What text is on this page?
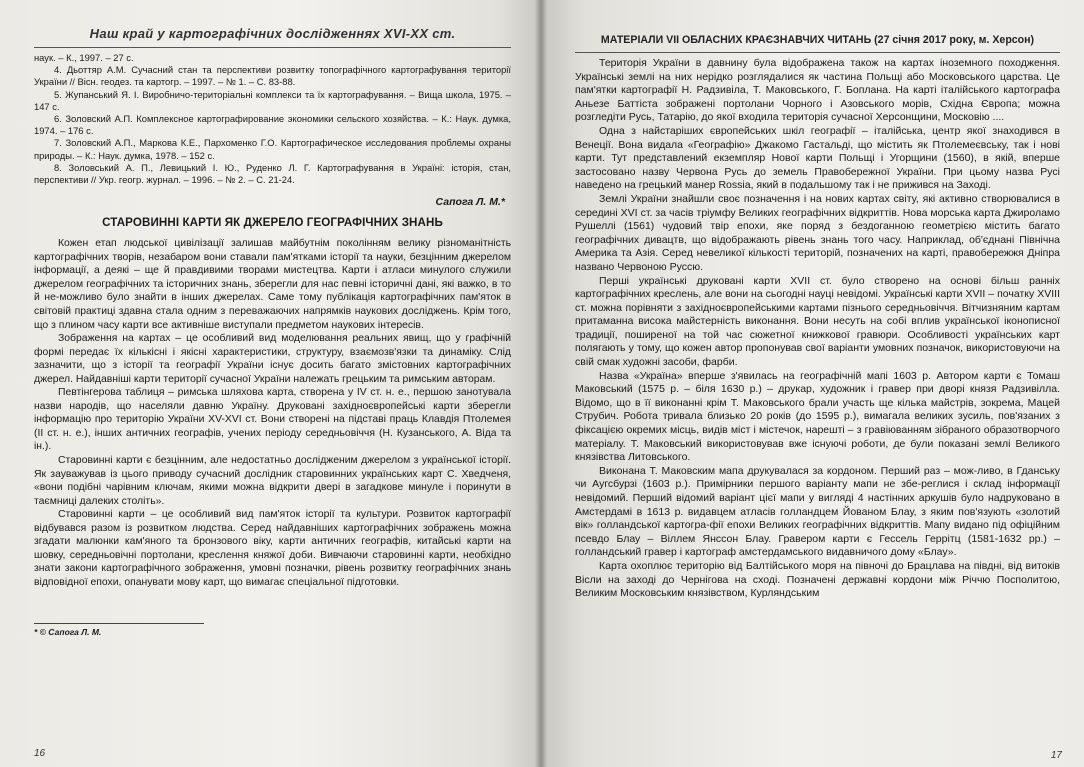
Наш край у картографічних дослідженнях XVI-XX ст.

наук. – К., 1997. – 27 с.

4. Дьоттяр А.М. Сучасний стан та перспективи розвитку топографічного картографування території України // Вісн. геодез. та картогр. – 1997. – № 1. – С. 83-88.

5. Жупанський Я. І. Виробничо-територіальні комплекси та їх картографування. – Вища школа, 1975. – 147 с.

6. Золовский А.П. Комплексное картографирование экономики сельского хозяйства. – К.: Наук. думка, 1974. – 176 с.

7. Золовский А.П., Маркова К.Е., Пархоменко Г.О. Картографическое исследования проблемы охраны природы. – К.: Наук. думка, 1978. – 152 с.

8. Золовський А. П., Левицький І. Ю., Руденко Л. Г. Картографування в Україні: історія, стан, перспективи // Укр. геогр. журнал. – 1996. – № 2. – С. 21-24.

Сапога Л. М.*
СТАРОВИННІ КАРТИ ЯК ДЖЕРЕЛО ГЕОГРАФІЧНИХ ЗНАНЬ

Кожен етап людської цивілізації залишав майбутнім поколінням велику різноманітність картографічних творів, незабаром вони ставали пам'ятками історії та науки, безцінним джерелом інформації, а деякі – ще й правдивими творами мистецтва. Карти і атласи минулого служили джерелом географічних та історичних знань, зберегли для нас певні історичні дані, які важко, в то й не-можливо було знайти в інших джерелах. Саме тому публікація картографічних пам'яток в світовій практиці здавна стала одним з переважаючих напрямків наукових досліджень. Крім того, що з плином часу карти все активніше виступали предметом наукових інтересів.

Зображення на картах – це особливий вид моделювання реальних явищ, що у графічній формі передає їх кількісні і якісні характеристики, структуру, взаємозв'язки та динаміку. Слід зазначити, що з історії та географії України існує досить багато змістовних картографічних джерел. Найдавніші карти території сучасної України належать грецьким та римським авторам.

Певтінгерова таблиця – римська шляхова карта, створена у IV ст. н. е., першою занотувала назви народів, що населяли давню Україну. Друковані західноєвропейські карти зберегли інформацію про територію України XV-XVI ст. Вони створені на підставі праць Клавдія Птолемея (II ст. н. е.), інших античних географів, учених періоду середньовіччя (Н. Кузанського, А. Віда та ін.).

Старовинні карти є безцінним, але недостатньо дослідженим джерелом з української історії. Як зауважував із цього приводу сучасний дослідник старовинних українських карт С. Хведченя, «вони подібні чарівним ключам, якими можна відкрити двері в загадкове минуле і поринути в таємниці далеких століть».

Старовинні карти – це особливий вид пам'яток історії та культури. Розвиток картографії відбувався разом із розвитком людства. Серед найдавніших картографічних зображень можна згадати малюнки кам'яного та бронзового віку, карти античних географів, китайські карти на шовку, середньовічні портолани, креслення княжої доби. Вивчаючи старовинні карти, необхідно знати закони картографічного зображення, умовні позначки, рівень розвитку географічних знань відповідної епохи, опанувати мову карт, що вимагає спеціальної підготовки.

* © Сапога Л. М.
16
МАТЕРІАЛИ VII ОБЛАСНИХ КРАЄЗНАВЧИХ ЧИТАНЬ (27 січня 2017 року, м. Херсон)

Територія України в давнину була відображена також на картах іноземного походження. Українські землі на них нерідко розглядалися як частина Польщі або Московського царства. Це пам'ятки картографії Н. Радзивіла, Т. Маковського, Г. Боплана. На карті італійського картографа Аньезе Баттіста зображені портолани Чорного і Азовського морів, Східна Європа; можна розгледіти Русь, Татарію, до якої входила територія сучасної Херсонщини, Московію ....

Одна з найстаріших європейських шкіл географії – італійська, центр якої знаходився в Венеції. Вона видала «Географію» Джакомо Гастальді, що містить як Птолемеєвську, так і нові карти. Тут представлений екземпляр Нової карти Польщі і Угорщини (1560), в якій, вперше застосовано назву Червона Русь до земель Правобережної України. При цьому назва Русі наведено на грецький манер Rossia, який в подальшому так і не прижився на Заході.

Землі України знайшли своє позначення і на нових картах світу, які активно створювалися в середині XVI ст. за часів тріумфу Великих географічних відкриттів. Нова морська карта Джироламо Рушеллі (1561) чудовий твір епохи, яке поряд з бездоганною геометрією містить багато географічних дивацтв, що відображають рівень знань того часу. Наприклад, об'єднані Північна Америка та Азія. Серед невеликої кількості територій, позначених на карті, правобережжя Дніпра названо Червоною Руссю.

Перші українські друковані карти XVII ст. було створено на основі більш ранніх картографічних креслень, але вони на сьогодні науці невідомі. Українські карти XVII – початку XVIII ст. можна порівняти з західноєвропейськими картами пізнього середньовіччя. Вітчизняним картам притаманна висока майстерність виконання. Вони несуть на собі вплив української іконописної традиції, поширеної на той час сюжетної книжкової гравюри. Особливості українських карт полягають у тому, що кожен автор пропонував свої варіанти умовних позначок, використовуючи на свій смак художні засоби, фарби.

Назва «Україна» вперше з'явилась на географічній мапі 1603 р. Автором карти є Томаш Маковський (1575 р. – біля 1630 р.) – друкар, художник і гравер при дворі князя Радзивілла. Відомо, що в її виконанні крім Т. Маковського брали участь ще кілька майстрів, зокрема, Мацей Струбич. Робота тривала близько 20 років (до 1595 р.), вимагала великих зусиль, пов'язаних з фіксацією окремих місць, видів міст і містечок, нарешті – з гравіюванням зібраного образотворчого матеріалу. Т. Маковський використовував вже існуючі роботи, де були показані землі Великого князівства Литовського.

Виконана Т. Маковским мапа друкувалася за кордоном. Перший раз – мож-ливо, в Гданську чи Аугсбурзі (1603 р.). Примірники першого варіанту мапи не збе-реглися і склад інформації невідомий. Перший відомий варіант цієї мапи у вигляді 4 настінних аркушів було надруковано в Амстердамі в 1613 р. видавцем атласів голландцем Йованом Блау, з яким пов'язують «золотий вік» голландської картогра-фії епохи Великих географічних відкриттів. Мапу видано під офіційним псевдо Блау – Віллем Янссон Блау. Гравером карти є Гессель Геррітц (1581-1632 рр.) – голландський гравер і картограф амстердамського видавничого дому «Блау».

Карта охоплює територію від Балтійського моря на півночі до Брацлава на півдні, від витоків Вісли на заході до Чернігова на сході. Позначені державні кордони між Річчю Посполитою, Великим Московським князівством, Курляндським

17
